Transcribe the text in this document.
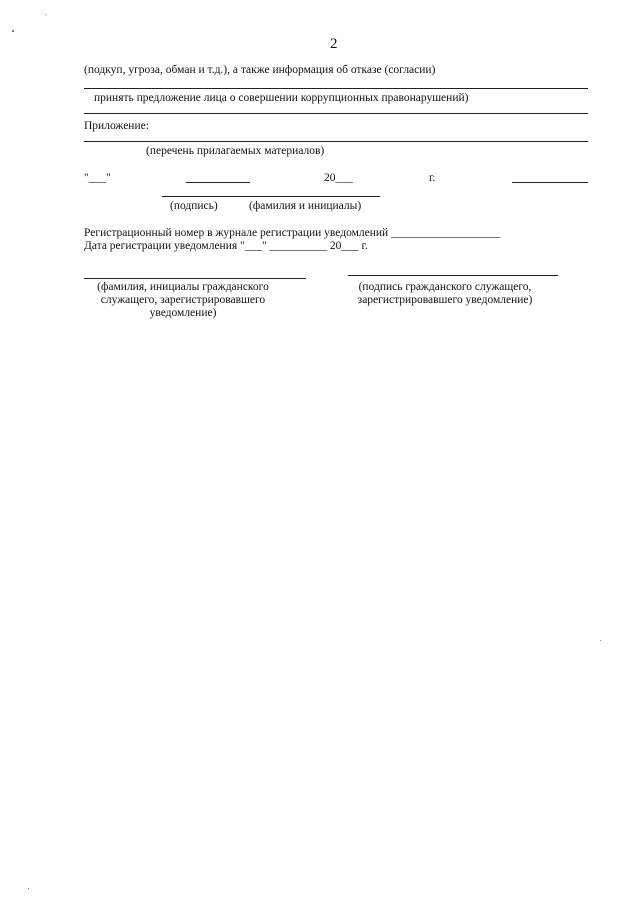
2
(подкуп, угроза, обман и т.д.), а также информация об отказе (согласии)
принять предложение лица о совершении коррупционных правонарушений)
Приложение:
(перечень прилагаемых материалов)
"___"	20___	г.
(подпись)	(фамилия и инициалы)
Регистрационный номер в журнале регистрации уведомлений ___________________
Дата регистрации уведомления "___" __________ 20___ г.
(фамилия, инициалы гражданского служащего, зарегистрировавшего уведомление)
(подпись гражданского служащего, зарегистрировавшего уведомление)
